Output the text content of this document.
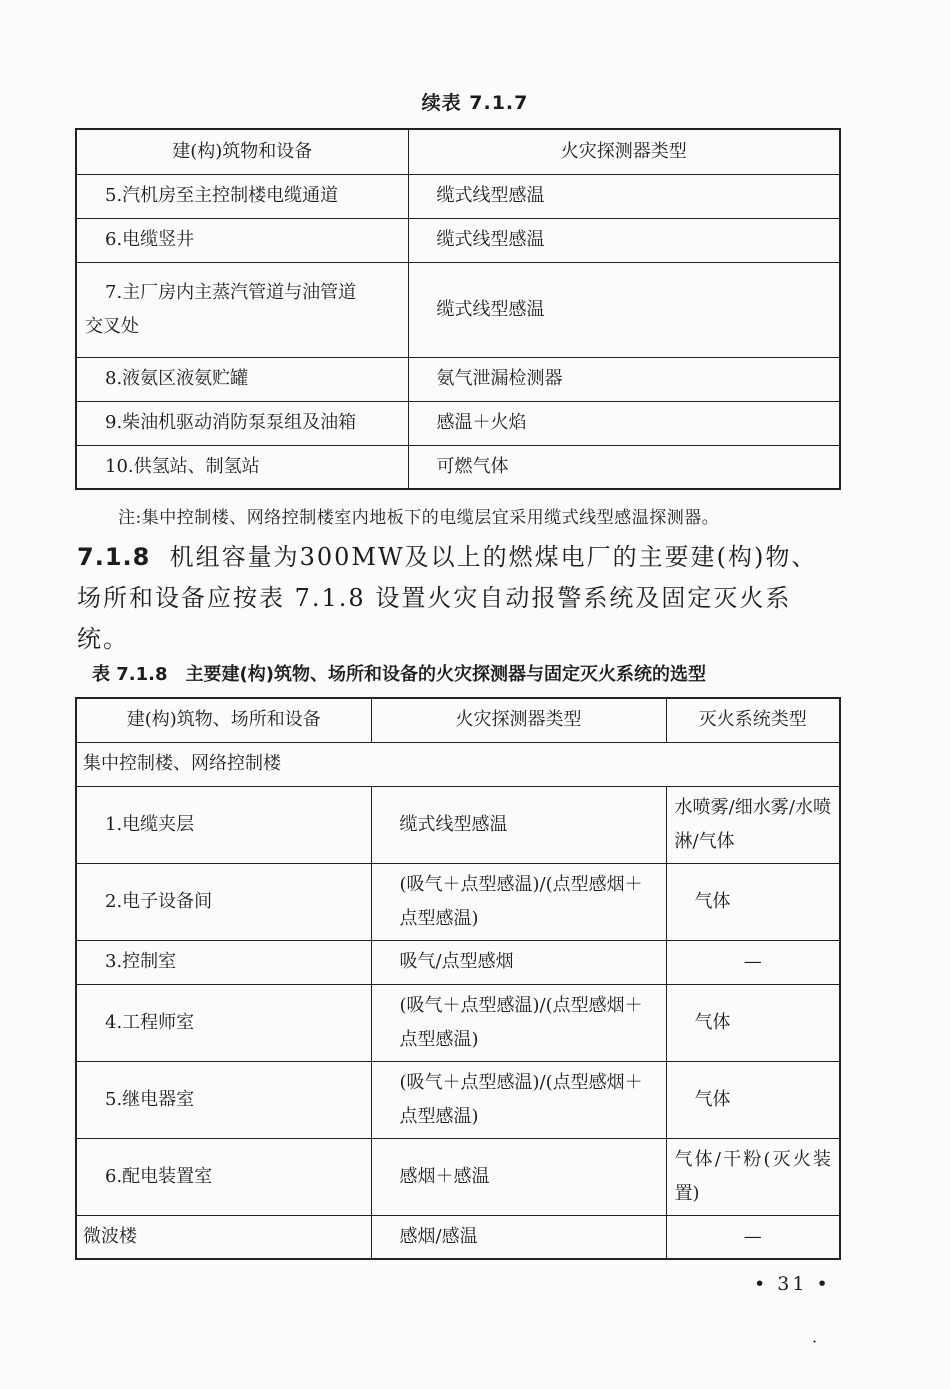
续表 7.1.7
建(构)筑物和设备	火灾探测器类型
5.汽机房至主控制楼电缆通道	缆式线型感温
6.电缆竖井	缆式线型感温

7.主厂房内主蒸汽管道与油管道
交叉处	缆式线型感温
8.液氨区液氨贮罐	氨气泄漏检测器
9.柴油机驱动消防泵泵组及油箱	感温＋火焰
10.供氢站、制氢站	可燃气体
注:集中控制楼、网络控制楼室内地板下的电缆层宜采用缆式线型感温探测器。
7.1.8 机组容量为300MW及以上的燃煤电厂的主要建(构)物、场所和设备应按表 7.1.8 设置火灾自动报警系统及固定灭火系统。
表 7.1.8　主要建(构)筑物、场所和设备的火灾探测器与固定灭火系统的选型
建(构)筑物、场所和设备	火灾探测器类型	灭火系统类型
集中控制楼、网络控制楼		
1.电缆夹层	缆式线型感温	水喷雾/细水雾/水喷淋/气体
2.电子设备间	(吸气＋点型感温)/(点型感烟＋点型感温)	气体
3.控制室	吸气/点型感烟	—
4.工程师室	(吸气＋点型感温)/(点型感烟＋点型感温)	气体
5.继电器室	(吸气＋点型感温)/(点型感烟＋点型感温)	气体
6.配电装置室	感烟＋感温	气体/干粉(灭火装置)
微波楼	感烟/感温	—
• 31 •
·
